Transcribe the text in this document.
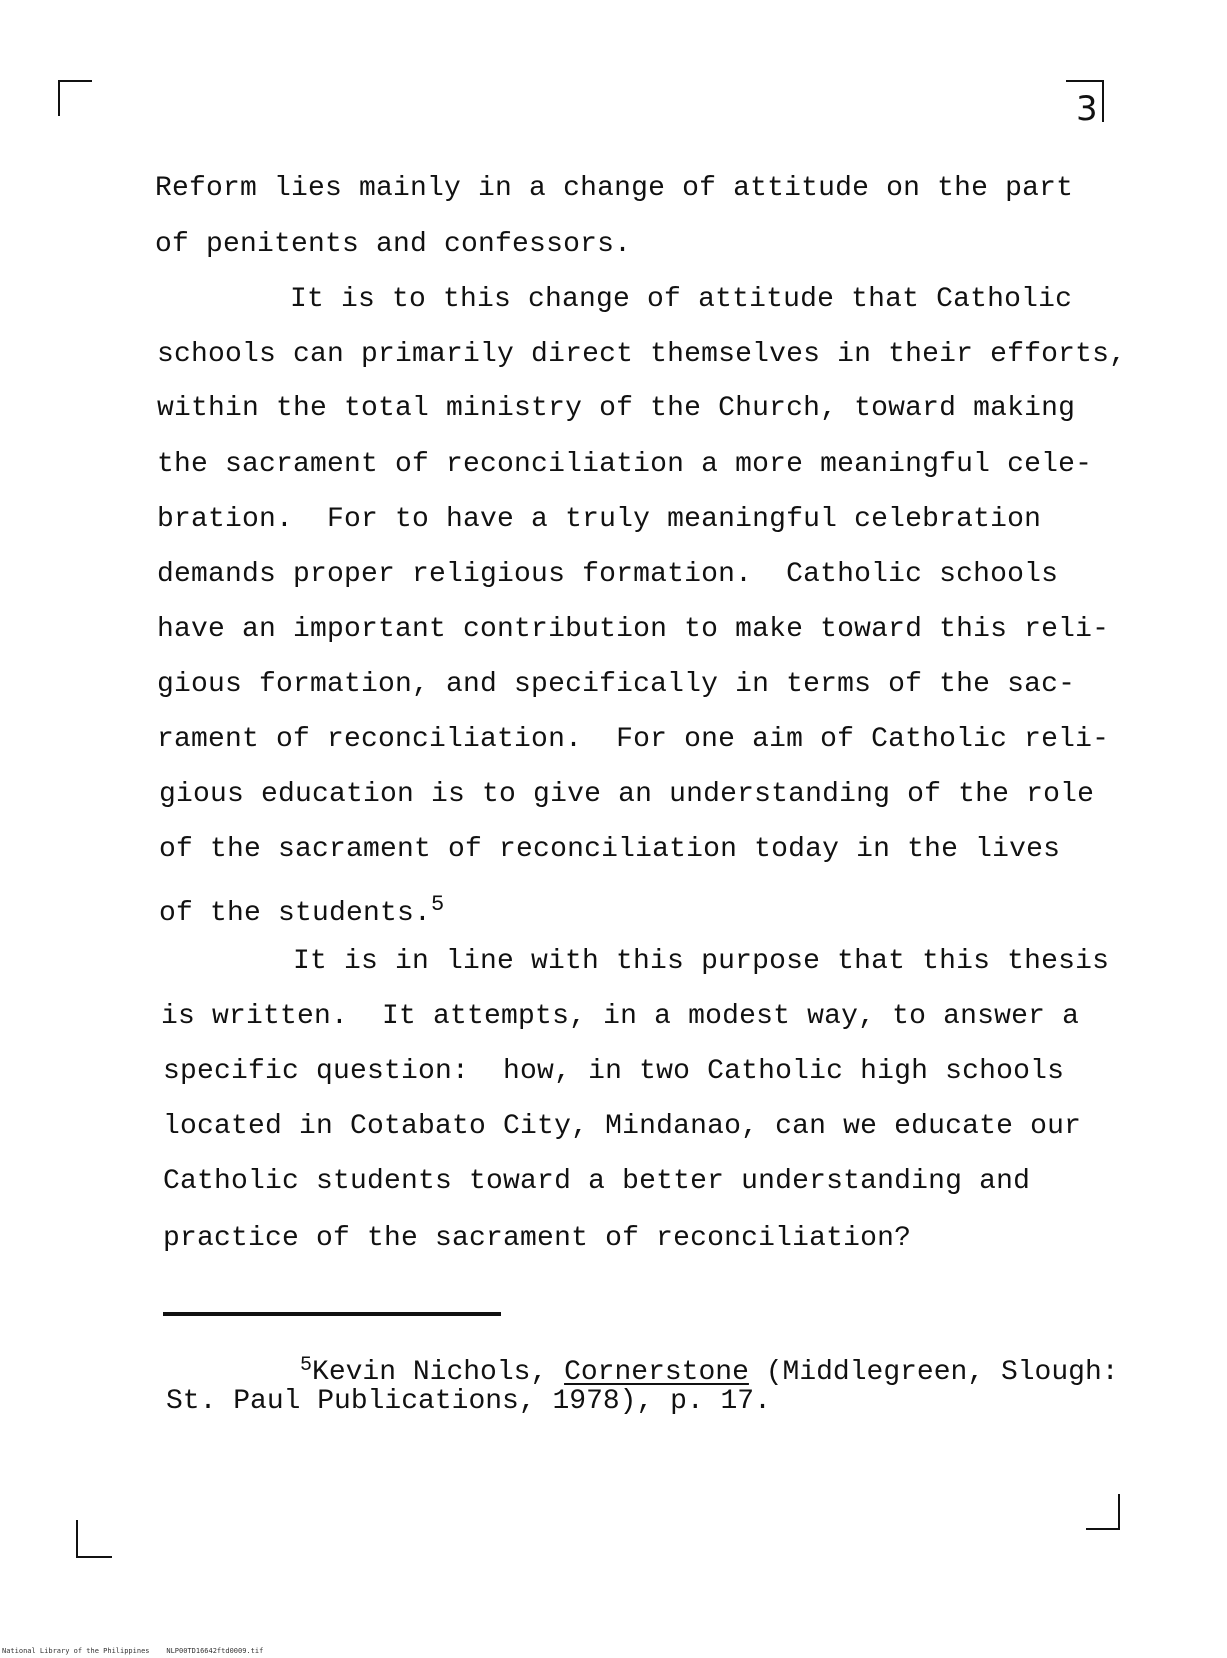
3
Reform lies mainly in a change of attitude on the part
of penitents and confessors.
It is to this change of attitude that Catholic
schools can primarily direct themselves in their efforts,
within the total ministry of the Church, toward making
the sacrament of reconciliation a more meaningful cele-
bration.  For to have a truly meaningful celebration
demands proper religious formation.  Catholic schools
have an important contribution to make toward this reli-
gious formation, and specifically in terms of the sac-
rament of reconciliation.  For one aim of Catholic reli-
gious education is to give an understanding of the role
of the sacrament of reconciliation today in the lives
of the students.$^5$
It is in line with this purpose that this thesis
is written.  It attempts, in a modest way, to answer a
specific question:  how, in two Catholic high schools
located in Cotabato City, Mindanao, can we educate our
Catholic students toward a better understanding and
practice of the sacrament of reconciliation?
$^5$Kevin Nichols, Cornerstone (Middlegreen, Slough:
St. Paul Publications, 1978), p. 17.
National Library of the Philippines    NLP00TD16642ftd0009.tif
